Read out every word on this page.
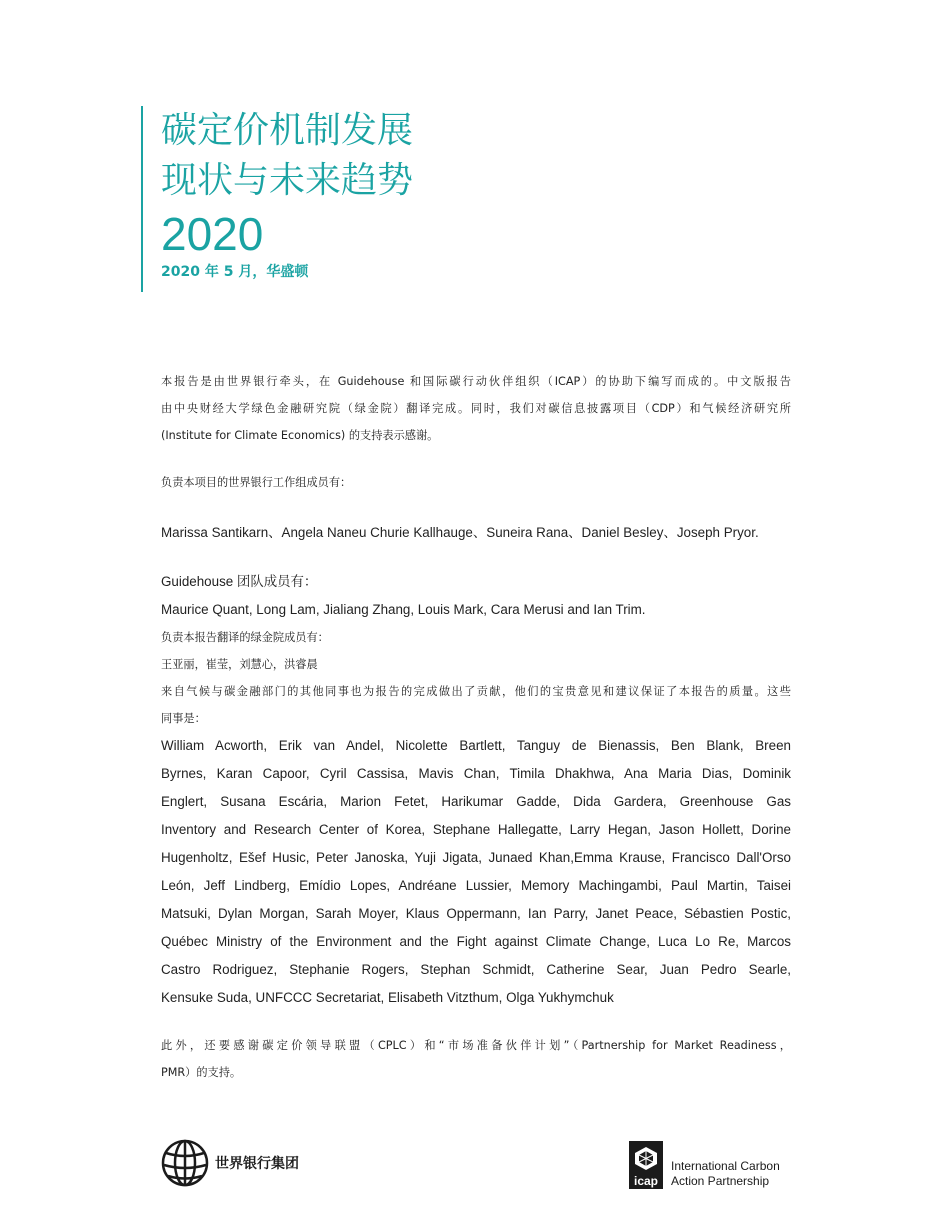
碳定价机制发展
现状与未来趋势
2020
2020 年 5 月，华盛顿

本报告是由世界银行牵头，在 Guidehouse 和国际碳行动伙伴组织（ICAP）的协助下编写而成的。中文版报告

由中央财经大学绿色金融研究院（绿金院）翻译完成。同时，我们对碳信息披露项目（CDP）和气候经济研究所

(Institute for Climate Economics) 的支持表示感谢。

负责本项目的世界银行工作组成员有：

Marissa Santikarn、Angela Naneu Churie Kallhauge、Suneira Rana、Daniel Besley、Joseph Pryor.

Guidehouse 团队成员有：

Maurice Quant, Long Lam, Jialiang Zhang, Louis Mark, Cara Merusi and Ian Trim.

负责本报告翻译的绿金院成员有：

王亚丽，崔莹，刘慧心，洪睿晨

来自气候与碳金融部门的其他同事也为报告的完成做出了贡献，他们的宝贵意见和建议保证了本报告的质量。这些

同事是：

William Acworth, Erik van Andel, Nicolette Bartlett, Tanguy de Bienassis, Ben Blank, Breen

Byrnes, Karan Capoor, Cyril Cassisa, Mavis Chan, Timila Dhakhwa, Ana Maria Dias, Dominik

Englert, Susana Escária, Marion Fetet, Harikumar Gadde, Dida Gardera, Greenhouse Gas

Inventory and Research Center of Korea, Stephane Hallegatte, Larry Hegan, Jason Hollett, Dorine

Hugenholtz, Ešef Husic, Peter Janoska, Yuji Jigata, Junaed Khan,Emma Krause, Francisco Dall'Orso

León, Jeff Lindberg, Emídio Lopes, Andréane Lussier, Memory Machingambi, Paul Martin, Taisei

Matsuki, Dylan Morgan, Sarah Moyer, Klaus Oppermann, Ian Parry, Janet Peace, Sébastien Postic,

Québec Ministry of the Environment and the Fight against Climate Change, Luca Lo Re, Marcos

Castro Rodriguez, Stephanie Rogers, Stephan Schmidt, Catherine Sear, Juan Pedro Searle,

Kensuke Suda, UNFCCC Secretariat, Elisabeth Vitzthum, Olga Yukhymchuk

此外，还要感谢碳定价领导联盟（CPLC）和“市场准备伙伴计划”（Partnership for Market Readiness，

PMR）的支持。

世界银行集团
icap
International Carbon
Action Partnership
